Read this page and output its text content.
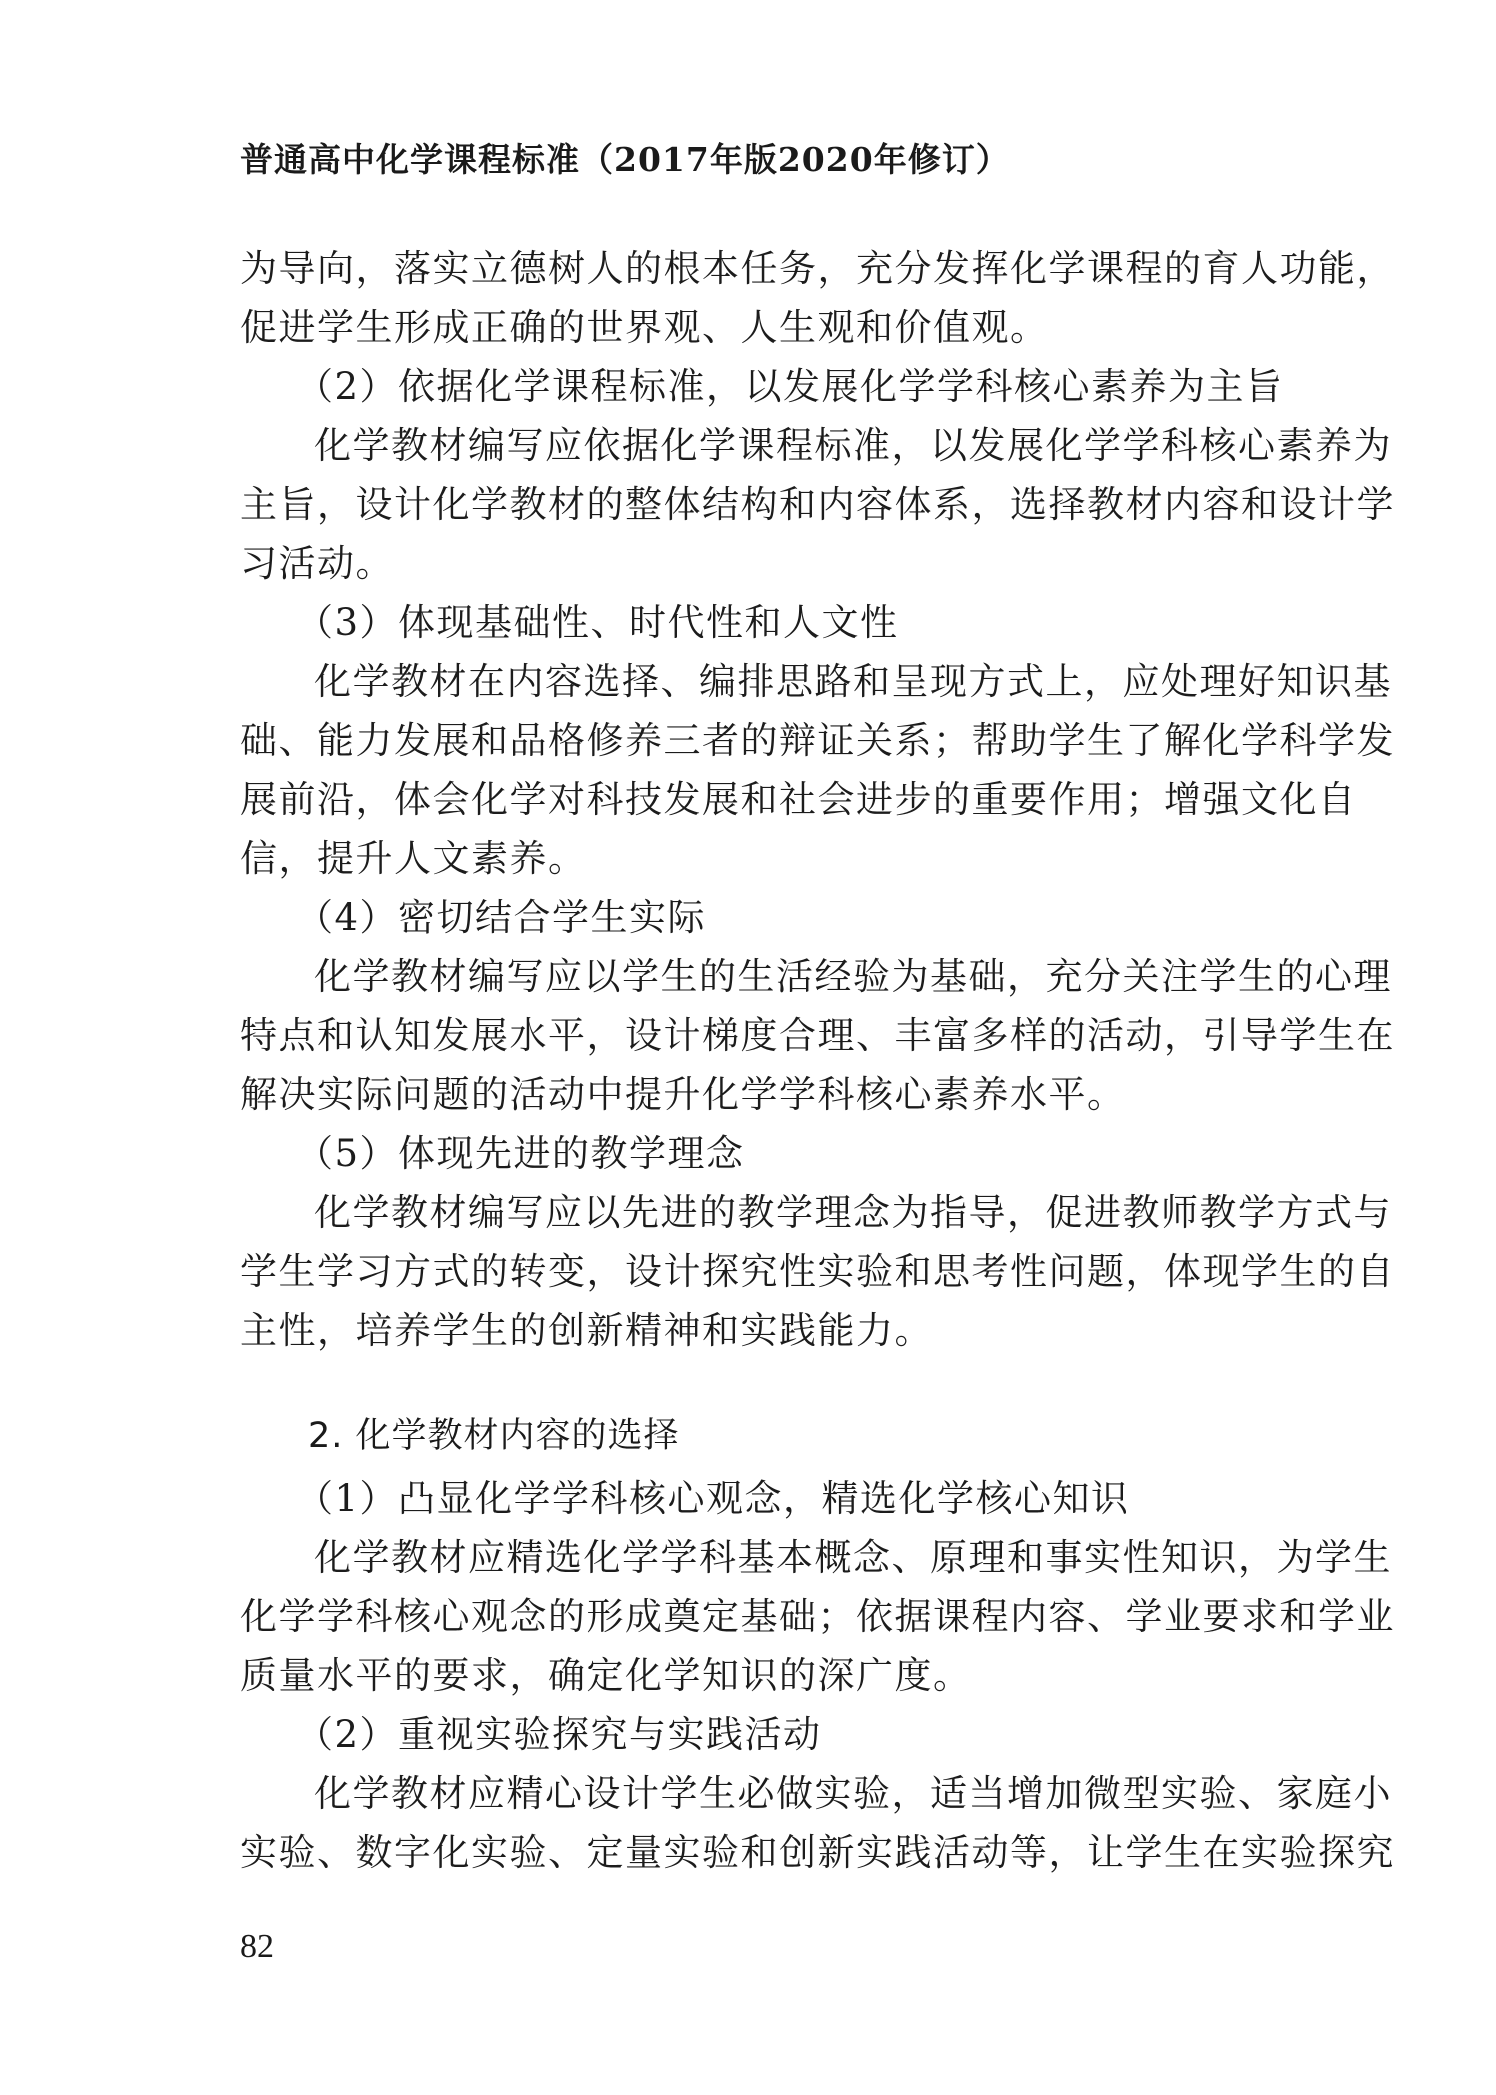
普通高中化学课程标准（2017年版2020年修订）
为导向，落实立德树人的根本任务，充分发挥化学课程的育人功能，
促进学生形成正确的世界观、人生观和价值观。
（2）依据化学课程标准，以发展化学学科核心素养为主旨
化学教材编写应依据化学课程标准，以发展化学学科核心素养为
主旨，设计化学教材的整体结构和内容体系，选择教材内容和设计学
习活动。
（3）体现基础性、时代性和人文性
化学教材在内容选择、编排思路和呈现方式上，应处理好知识基
础、能力发展和品格修养三者的辩证关系；帮助学生了解化学科学发
展前沿，体会化学对科技发展和社会进步的重要作用；增强文化自
信，提升人文素养。
（4）密切结合学生实际
化学教材编写应以学生的生活经验为基础，充分关注学生的心理
特点和认知发展水平，设计梯度合理、丰富多样的活动，引导学生在
解决实际问题的活动中提升化学学科核心素养水平。
（5）体现先进的教学理念
化学教材编写应以先进的教学理念为指导，促进教师教学方式与
学生学习方式的转变，设计探究性实验和思考性问题，体现学生的自
主性，培养学生的创新精神和实践能力。
2. 化学教材内容的选择
（1）凸显化学学科核心观念，精选化学核心知识
化学教材应精选化学学科基本概念、原理和事实性知识，为学生
化学学科核心观念的形成奠定基础；依据课程内容、学业要求和学业
质量水平的要求，确定化学知识的深广度。
（2）重视实验探究与实践活动
化学教材应精心设计学生必做实验，适当增加微型实验、家庭小
实验、数字化实验、定量实验和创新实践活动等，让学生在实验探究
82
